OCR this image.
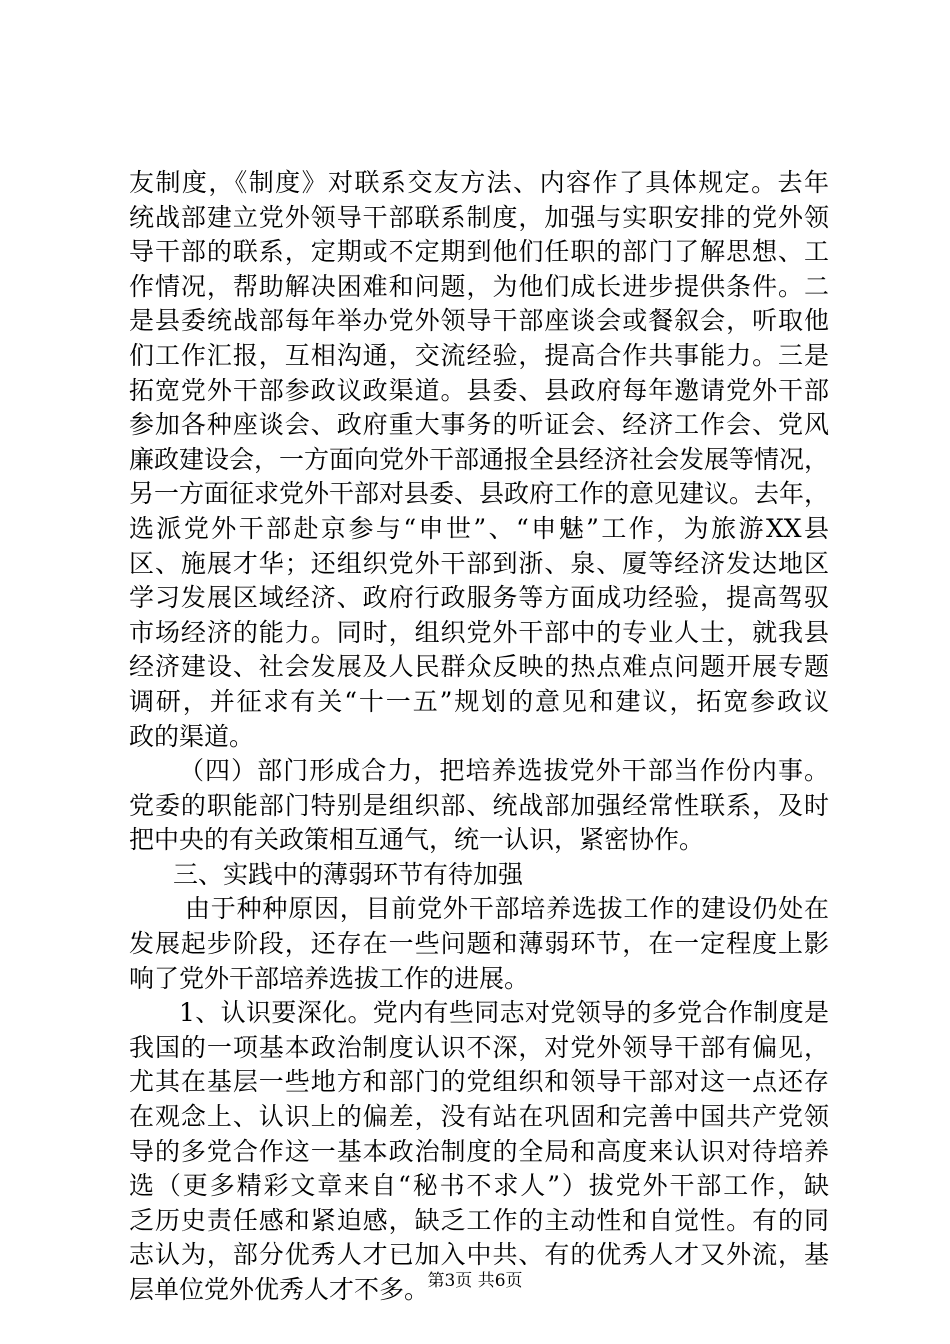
友制度，《制度》对联系交友方法、内容作了具体规定。去年
统战部建立党外领导干部联系制度，加强与实职安排的党外领
导干部的联系，定期或不定期到他们任职的部门了解思想、工
作情况，帮助解决困难和问题，为他们成长进步提供条件。二
是县委统战部每年举办党外领导干部座谈会或餐叙会，听取他
们工作汇报，互相沟通，交流经验，提高合作共事能力。三是
拓宽党外干部参政议政渠道。县委、县政府每年邀请党外干部
参加各种座谈会、政府重大事务的听证会、经济工作会、党风
廉政建设会，一方面向党外干部通报全县经济社会发展等情况，
另一方面征求党外干部对县委、县政府工作的意见建议。去年，
选派党外干部赴京参与“申世”、“申魅”工作，为旅游XX县
区、施展才华；还组织党外干部到浙、泉、厦等经济发达地区
学习发展区域经济、政府行政服务等方面成功经验，提高驾驭
市场经济的能力。同时，组织党外干部中的专业人士，就我县
经济建设、社会发展及人民群众反映的热点难点问题开展专题
调研，并征求有关“十一五”规划的意见和建议，拓宽参政议
政的渠道。
（四）部门形成合力，把培养选拔党外干部当作份内事。
党委的职能部门特别是组织部、统战部加强经常性联系，及时
把中央的有关政策相互通气，统一认识，紧密协作。
三、实践中的薄弱环节有待加强
由于种种原因，目前党外干部培养选拔工作的建设仍处在
发展起步阶段，还存在一些问题和薄弱环节，在一定程度上影
响了党外干部培养选拔工作的进展。
1、认识要深化。党内有些同志对党领导的多党合作制度是
我国的一项基本政治制度认识不深，对党外领导干部有偏见，
尤其在基层一些地方和部门的党组织和领导干部对这一点还存
在观念上、认识上的偏差，没有站在巩固和完善中国共产党领
导的多党合作这一基本政治制度的全局和高度来认识对待培养
选（更多精彩文章来自“秘书不求人”）拔党外干部工作，缺
乏历史责任感和紧迫感，缺乏工作的主动性和自觉性。有的同
志认为，部分优秀人才已加入中共、有的优秀人才又外流，基
层单位党外优秀人才不多。
第3页 共6页
